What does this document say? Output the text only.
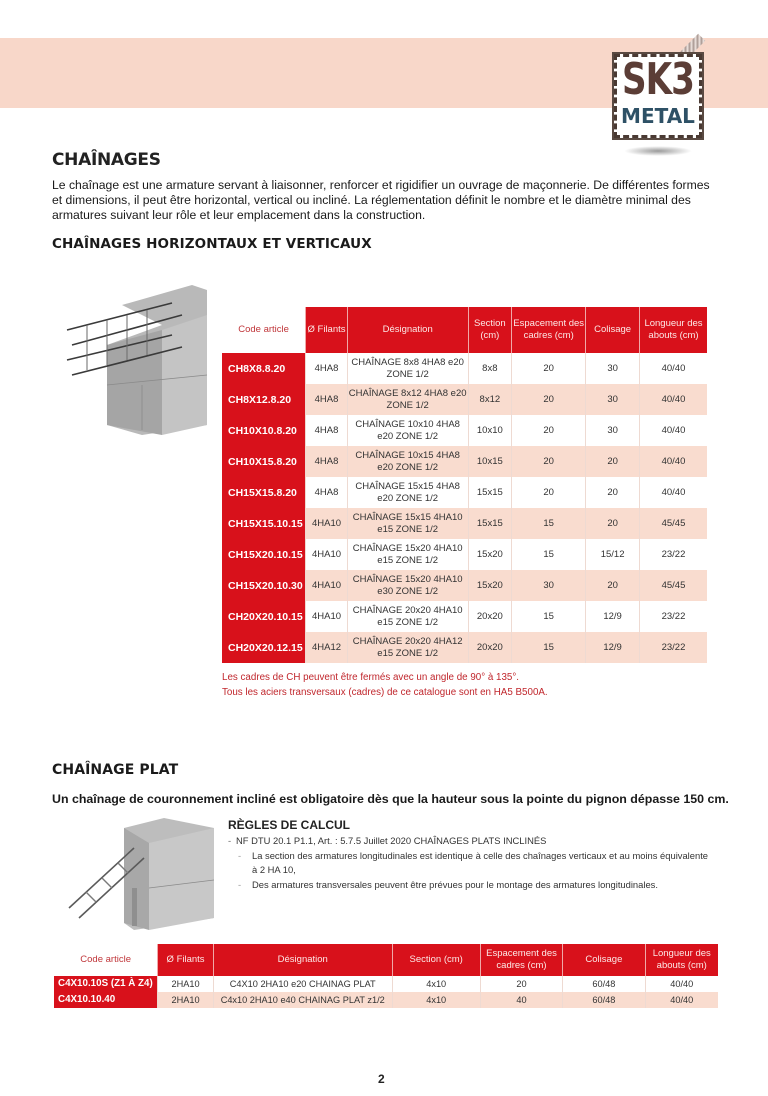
SK3
METAL
CHAÎNAGES
Le chaînage est une armature servant à liaisonner, renforcer et rigidifier un ouvrage de maçonnerie. De différentes formes et dimensions, il peut être horizontal, vertical ou incliné. La réglementation définit le nombre et le diamètre minimal des armatures suivant leur rôle et leur emplacement dans la construction.
CHAÎNAGES HORIZONTAUX ET VERTICAUX
Code article	Ø Filants	Désignation	Section (cm)	Espacement des cadres (cm)	Colisage	Longueur des abouts (cm)
CH8X8.8.20	4HA8	CHAÎNAGE 8x8 4HA8 e20 ZONE 1/2	8x8	20	30	40/40
CH8X12.8.20	4HA8	CHAÎNAGE 8x12 4HA8 e20 ZONE 1/2	8x12	20	30	40/40
CH10X10.8.20	4HA8	CHAÎNAGE 10x10 4HA8 e20 ZONE 1/2	10x10	20	30	40/40
CH10X15.8.20	4HA8	CHAÎNAGE 10x15 4HA8 e20 ZONE 1/2	10x15	20	20	40/40
CH15X15.8.20	4HA8	CHAÎNAGE 15x15 4HA8 e20 ZONE 1/2	15x15	20	20	40/40
CH15X15.10.15	4HA10	CHAÎNAGE 15x15 4HA10 e15 ZONE 1/2	15x15	15	20	45/45
CH15X20.10.15	4HA10	CHAÎNAGE 15x20 4HA10 e15 ZONE 1/2	15x20	15	15/12	23/22
CH15X20.10.30	4HA10	CHAÎNAGE 15x20 4HA10 e30 ZONE 1/2	15x20	30	20	45/45
CH20X20.10.15	4HA10	CHAÎNAGE 20x20 4HA10 e15 ZONE 1/2	20x20	15	12/9	23/22
CH20X20.12.15	4HA12	CHAÎNAGE 20x20 4HA12 e15 ZONE 1/2	20x20	15	12/9	23/22
Les cadres de CH peuvent être fermés avec un angle de 90° à 135°.
Tous les aciers transversaux (cadres) de ce catalogue sont en HA5 B500A.
CHAÎNAGE PLAT
Un chaînage de couronnement incliné est obligatoire dès que la hauteur sous la pointe du pignon dépasse 150 cm.
RÈGLES DE CALCUL
- NF DTU 20.1 P1.1, Art. : 5.7.5 Juillet 2020 CHAÎNAGES PLATS INCLINÉS
- La section des armatures longitudinales est identique à celle des chaînages verticaux et au moins équivalente à 2 HA 10,
- Des armatures transversales peuvent être prévues pour le montage des armatures longitudinales.
Code article	Ø Filants	Désignation	Section (cm)	Espacement des cadres (cm)	Colisage	Longueur des abouts (cm)
C4X10.10S (Z1 À Z4)	2HA10	C4X10 2HA10 e20 CHAINAG PLAT	4x10	20	60/48	40/40
C4X10.10.40	2HA10	C4x10 2HA10 e40 CHAINAG PLAT z1/2	4x10	40	60/48	40/40
2
